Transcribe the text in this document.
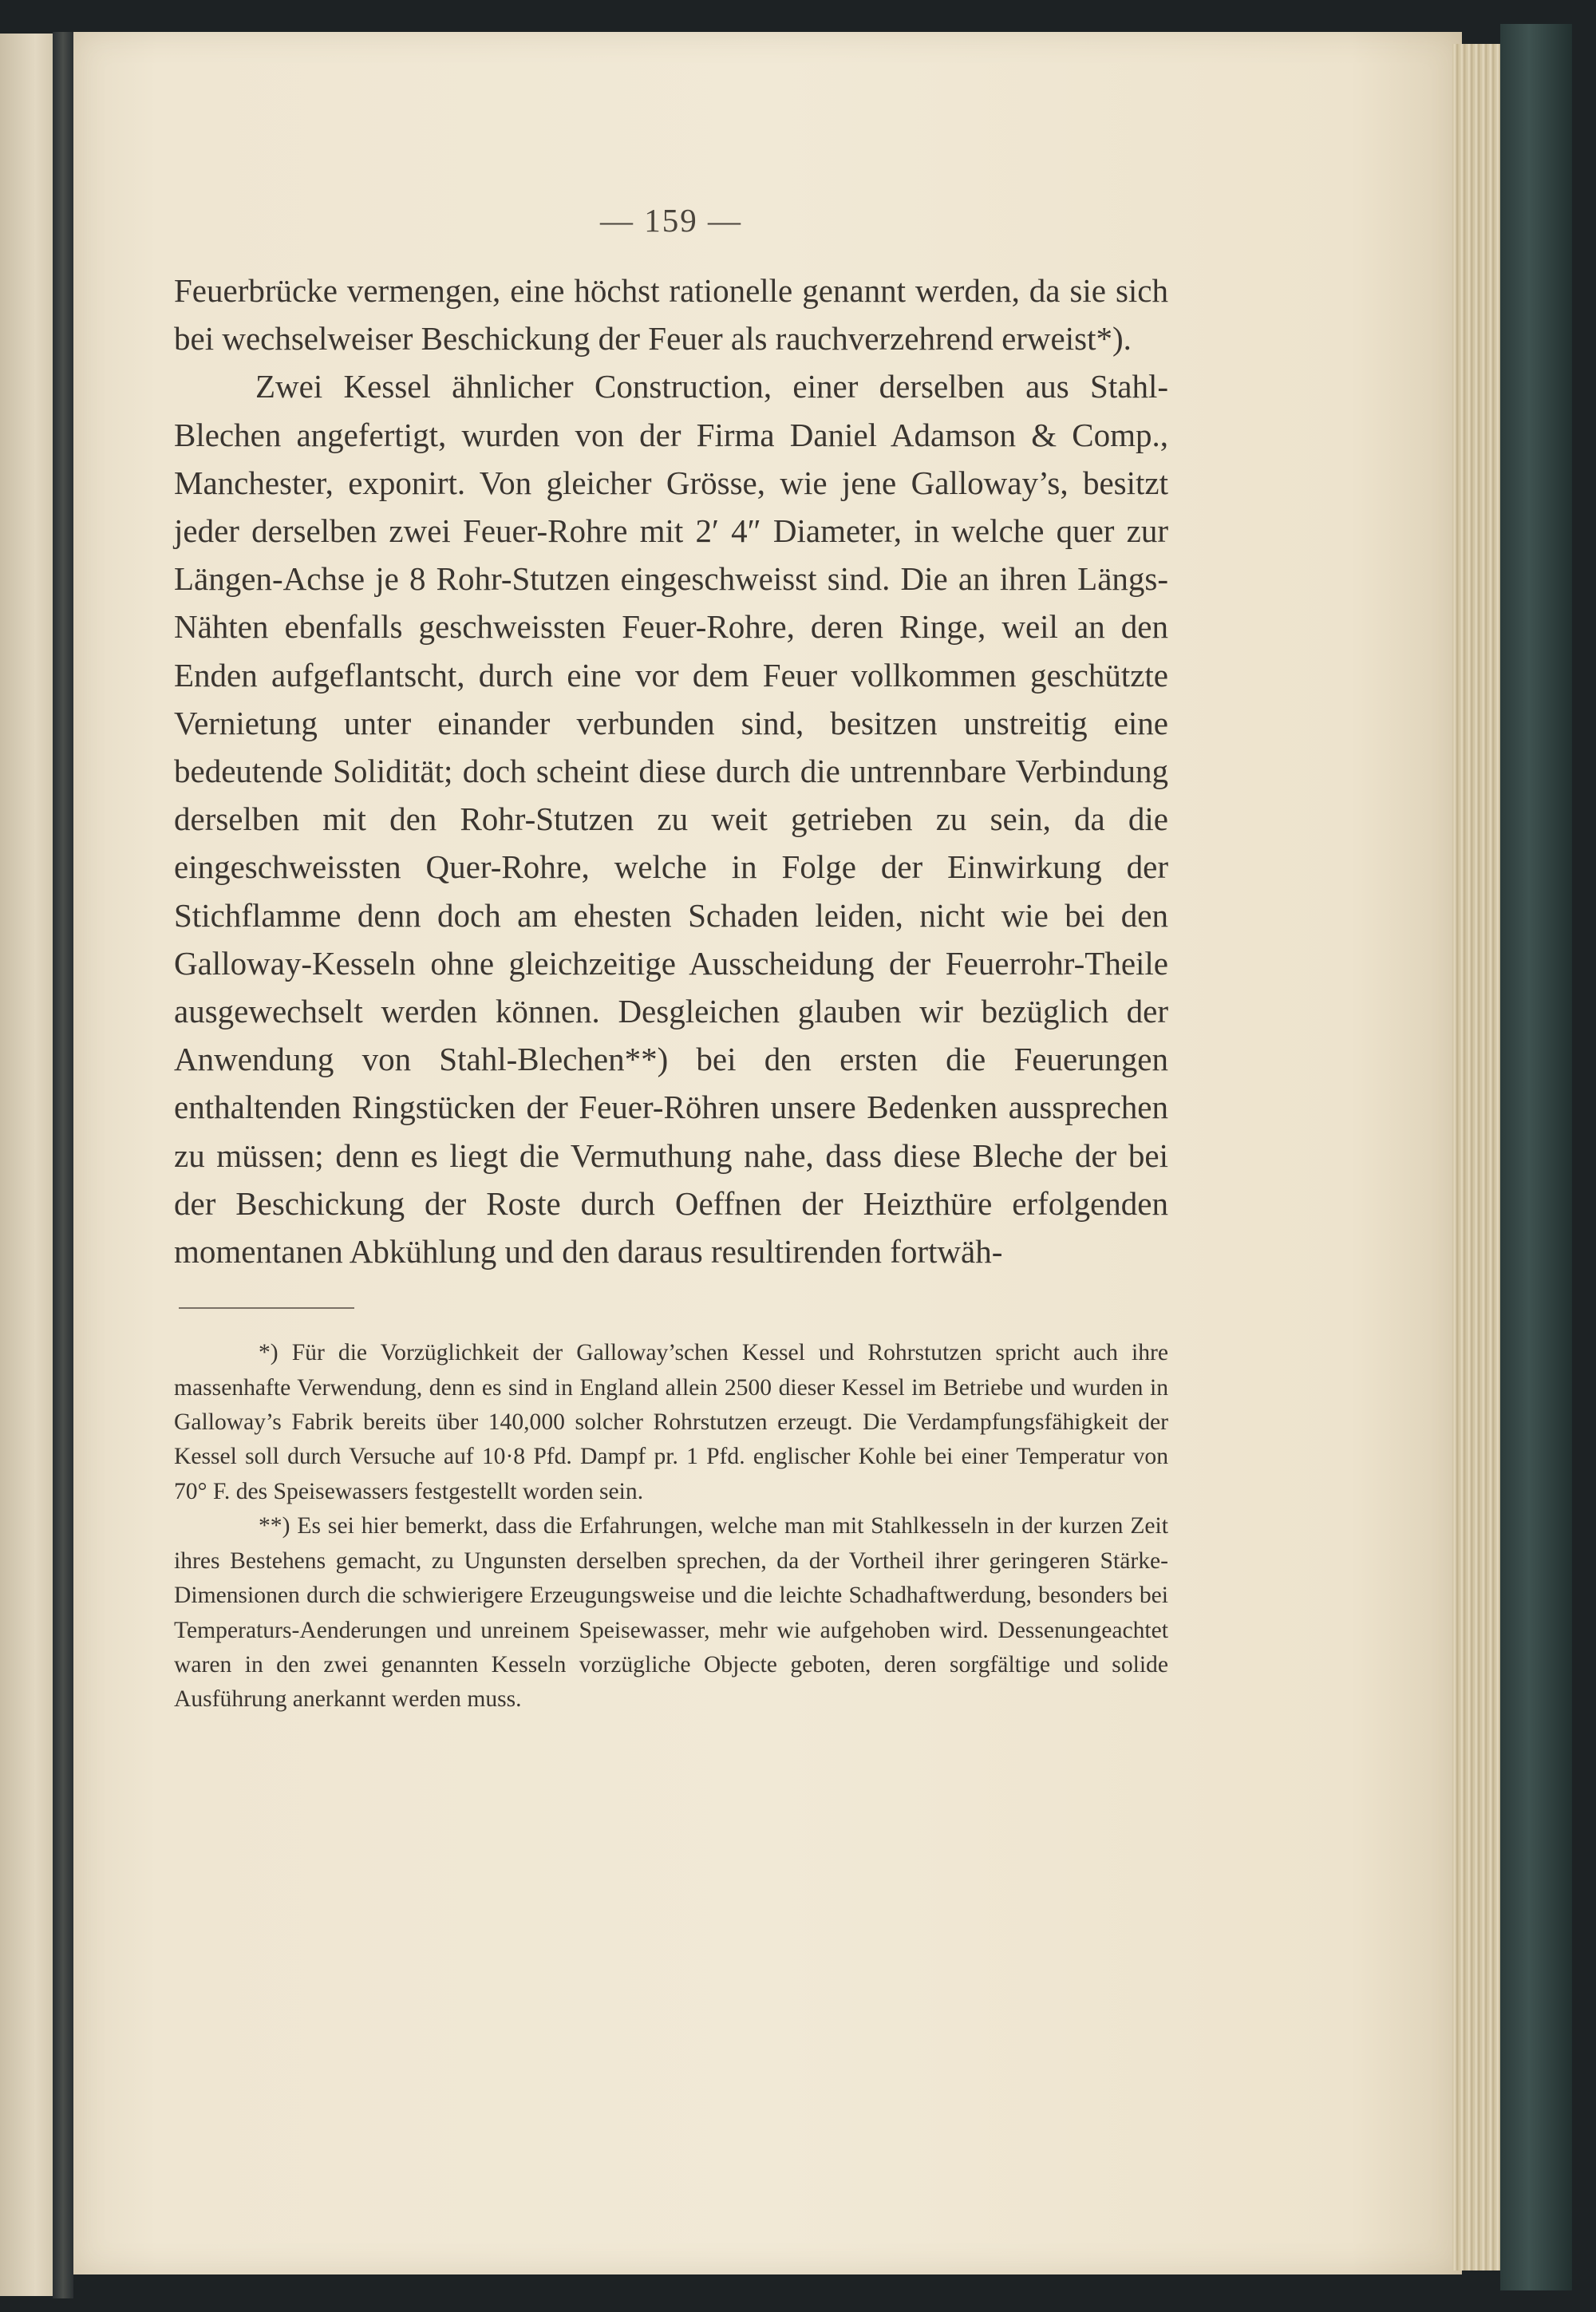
— 159 —

Feuerbrücke vermengen, eine höchst rationelle genannt werden, da sie sich bei wechselweiser Beschickung der Feuer als rauchverzehrend erweist*).

Zwei Kessel ähnlicher Construction, einer derselben aus Stahl-Blechen angefertigt, wurden von der Firma Daniel Adamson & Comp., Manchester, exponirt. Von gleicher Grösse, wie jene Galloway’s, besitzt jeder derselben zwei Feuer-Rohre mit 2′ 4″ Diameter, in welche quer zur Längen-Achse je 8 Rohr-Stutzen eingeschweisst sind. Die an ihren Längs-Nähten ebenfalls geschweissten Feuer-Rohre, deren Ringe, weil an den Enden aufgeflantscht, durch eine vor dem Feuer vollkommen geschützte Vernietung unter einander verbunden sind, besitzen unstreitig eine bedeutende Solidität; doch scheint diese durch die untrennbare Verbindung derselben mit den Rohr-Stutzen zu weit getrieben zu sein, da die eingeschweissten Quer-Rohre, welche in Folge der Einwirkung der Stichflamme denn doch am ehesten Schaden leiden, nicht wie bei den Galloway-Kesseln ohne gleichzeitige Ausscheidung der Feuerrohr-Theile ausgewechselt werden können. Desgleichen glauben wir bezüglich der Anwendung von Stahl-Blechen**) bei den ersten die Feuerungen enthaltenden Ringstücken der Feuer-Röhren unsere Bedenken aussprechen zu müssen; denn es liegt die Vermuthung nahe, dass diese Bleche der bei der Beschickung der Roste durch Oeffnen der Heizthüre erfolgenden momentanen Abkühlung und den daraus resultirenden fortwäh-

*) Für die Vorzüglichkeit der Galloway’schen Kessel und Rohrstutzen spricht auch ihre massenhafte Verwendung, denn es sind in England allein 2500 dieser Kessel im Betriebe und wurden in Galloway’s Fabrik bereits über 140,000 solcher Rohrstutzen erzeugt. Die Verdampfungsfähigkeit der Kessel soll durch Versuche auf 10·8 Pfd. Dampf pr. 1 Pfd. englischer Kohle bei einer Temperatur von 70° F. des Speisewassers festgestellt worden sein.

**) Es sei hier bemerkt, dass die Erfahrungen, welche man mit Stahlkesseln in der kurzen Zeit ihres Bestehens gemacht, zu Ungunsten derselben sprechen, da der Vortheil ihrer geringeren Stärke-Dimensionen durch die schwierigere Erzeugungsweise und die leichte Schadhaftwerdung, besonders bei Temperaturs-Aenderungen und unreinem Speisewasser, mehr wie aufgehoben wird. Dessenungeachtet waren in den zwei genannten Kesseln vorzügliche Objecte geboten, deren sorgfältige und solide Ausführung anerkannt werden muss.
